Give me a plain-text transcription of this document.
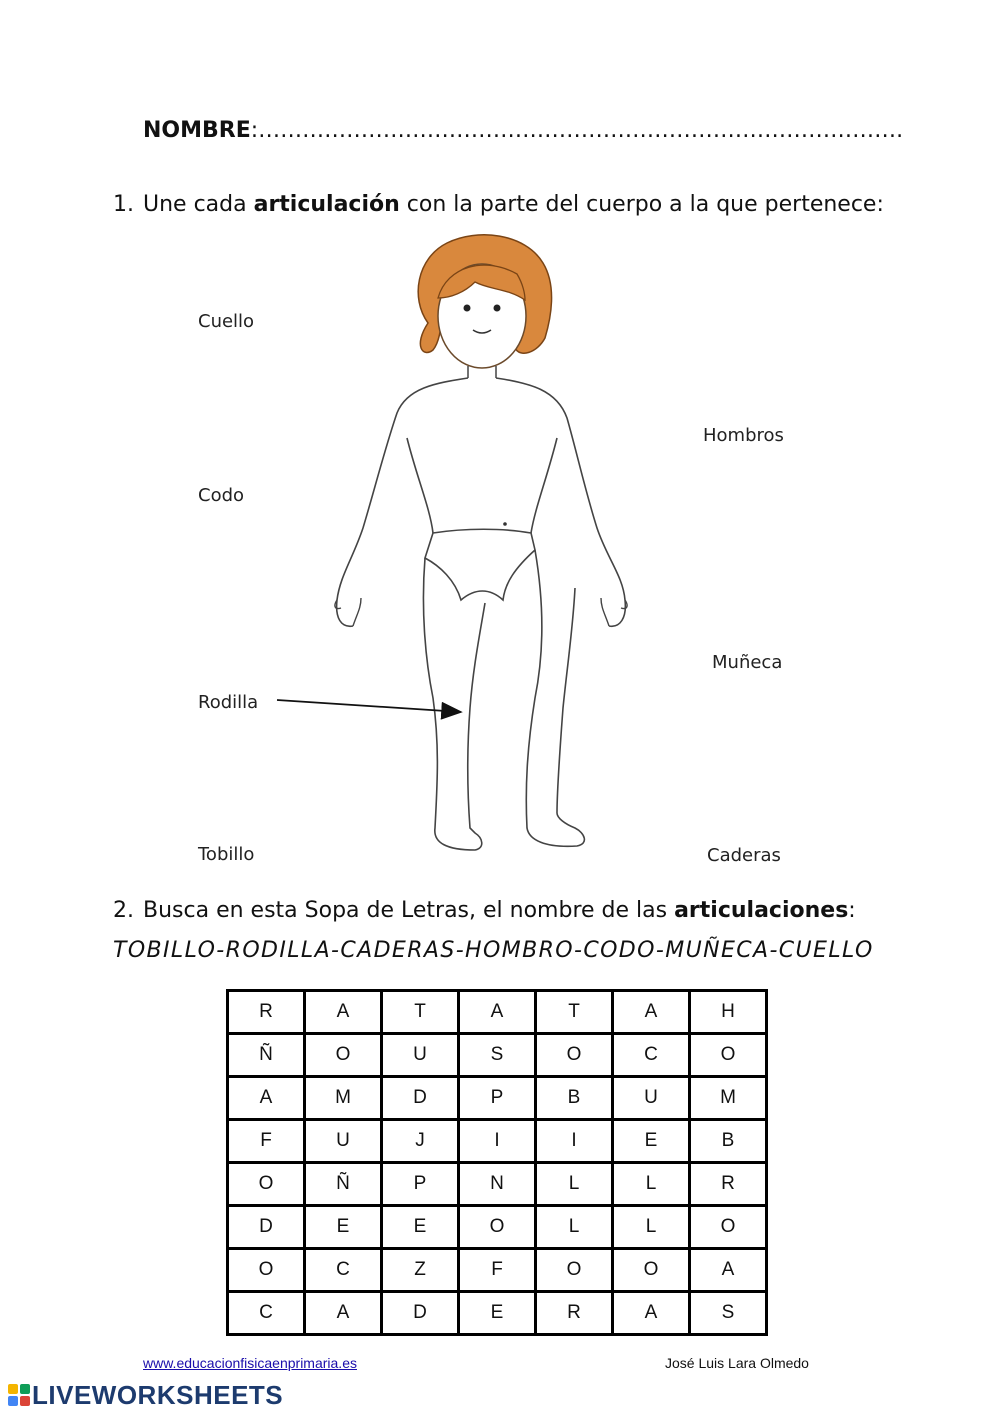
NOMBRE:…………………………………………………………………………….
1. Une cada articulación con la parte del cuerpo a la que pertenece:
Cuello
Codo
Rodilla
Tobillo
Hombros
Muñeca
Caderas
2. Busca en esta Sopa de Letras, el nombre de las articulaciones:
TOBILLO-RODILLA-CADERAS-HOMBRO-CODO-MUÑECA-CUELLO
R	A	T	A	T	A	H
Ñ	O	U	S	O	C	O
A	M	D	P	B	U	M
F	U	J	I	I	E	B
O	Ñ	P	N	L	L	R
D	E	E	O	L	L	O
O	C	Z	F	O	O	A
C	A	D	E	R	A	S
www.educacionfisicaenprimaria.es	José Luis Lara Olmedo
LIVEWORKSHEETS
